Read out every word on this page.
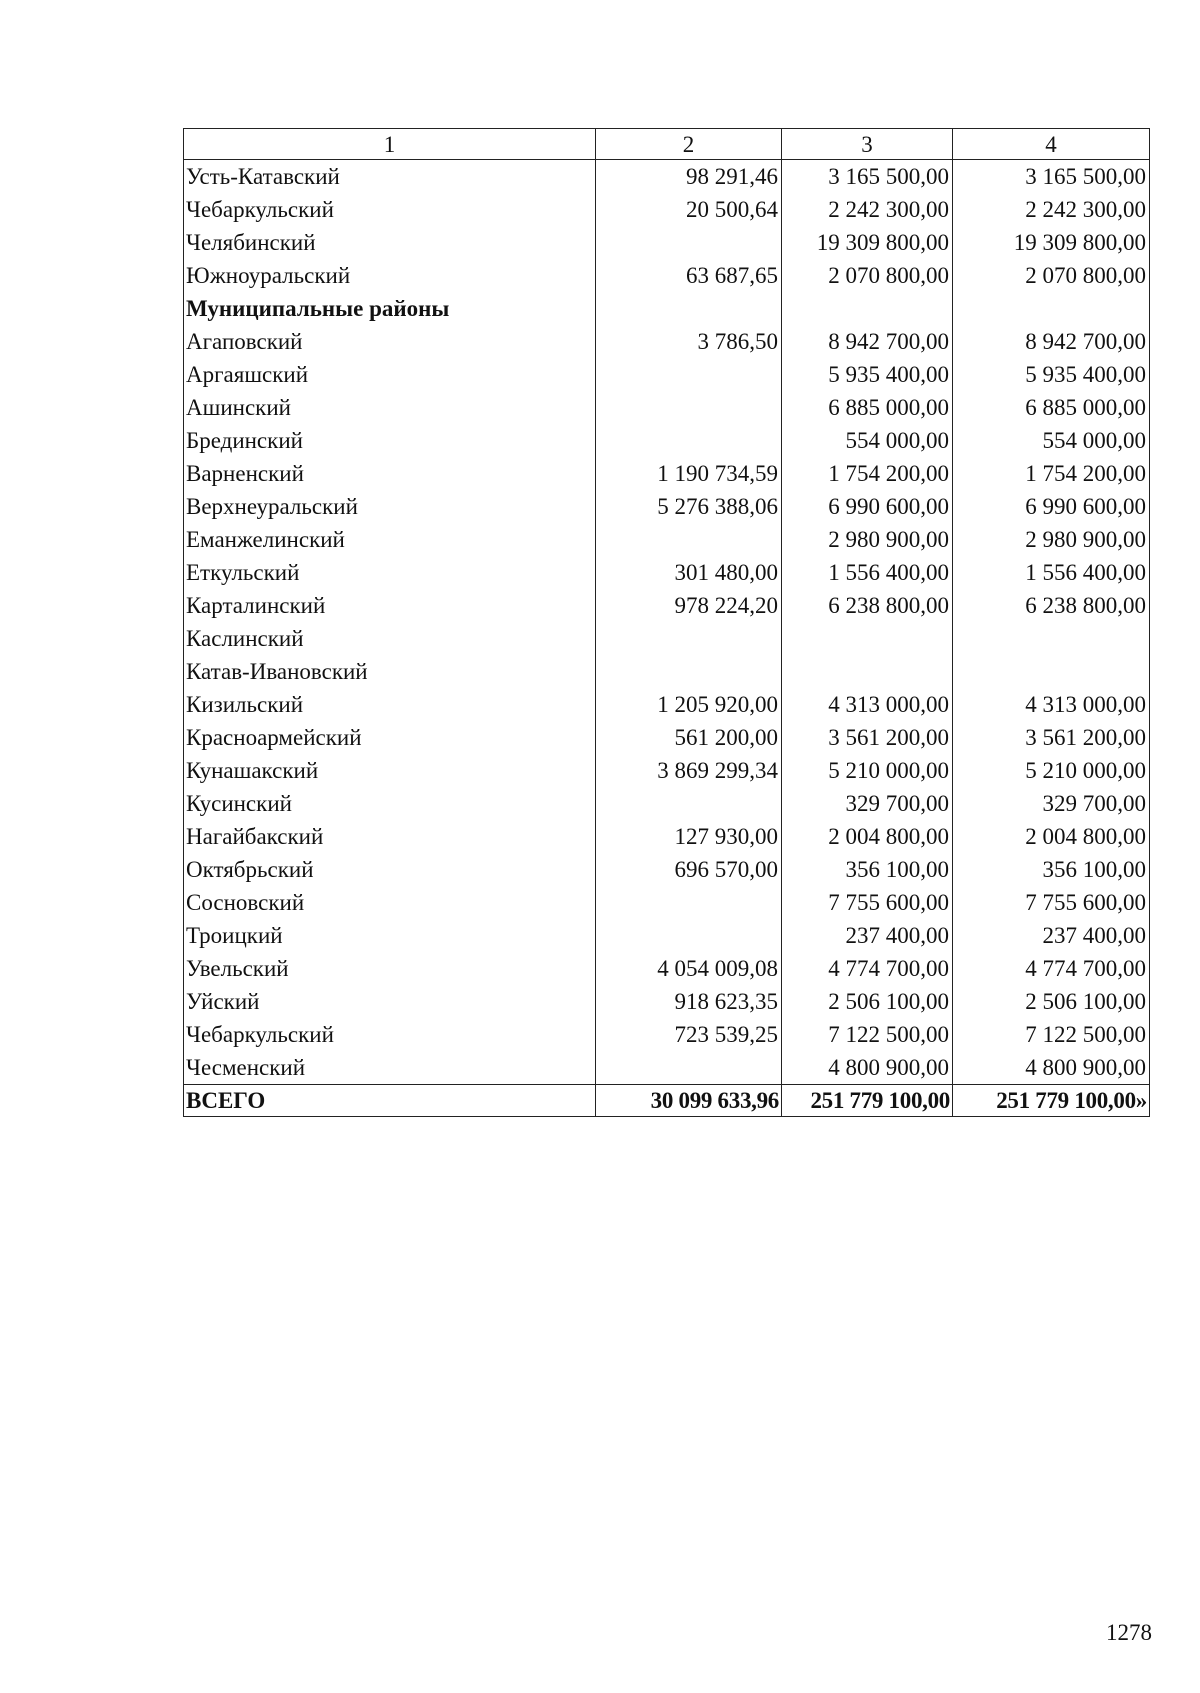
1	2	3	4
Усть-Катавский	98 291,46	3 165 500,00	3 165 500,00
Чебаркульский	20 500,64	2 242 300,00	2 242 300,00
Челябинский		19 309 800,00	19 309 800,00
Южноуральский	63 687,65	2 070 800,00	2 070 800,00
Муниципальные районы			
Агаповский	3 786,50	8 942 700,00	8 942 700,00
Аргаяшский		5 935 400,00	5 935 400,00
Ашинский		6 885 000,00	6 885 000,00
Брединский		554 000,00	554 000,00
Варненский	1 190 734,59	1 754 200,00	1 754 200,00
Верхнеуральский	5 276 388,06	6 990 600,00	6 990 600,00
Еманжелинский		2 980 900,00	2 980 900,00
Еткульский	301 480,00	1 556 400,00	1 556 400,00
Карталинский	978 224,20	6 238 800,00	6 238 800,00
Каслинский			
Катав-Ивановский			
Кизильский	1 205 920,00	4 313 000,00	4 313 000,00
Красноармейский	561 200,00	3 561 200,00	3 561 200,00
Кунашакский	3 869 299,34	5 210 000,00	5 210 000,00
Кусинский		329 700,00	329 700,00
Нагайбакский	127 930,00	2 004 800,00	2 004 800,00
Октябрьский	696 570,00	356 100,00	356 100,00
Сосновский		7 755 600,00	7 755 600,00
Троицкий		237 400,00	237 400,00
Увельский	4 054 009,08	4 774 700,00	4 774 700,00
Уйский	918 623,35	2 506 100,00	2 506 100,00
Чебаркульский	723 539,25	7 122 500,00	7 122 500,00
Чесменский		4 800 900,00	4 800 900,00
ВСЕГО	30 099 633,96	251 779 100,00	251 779 100,00»
1278
